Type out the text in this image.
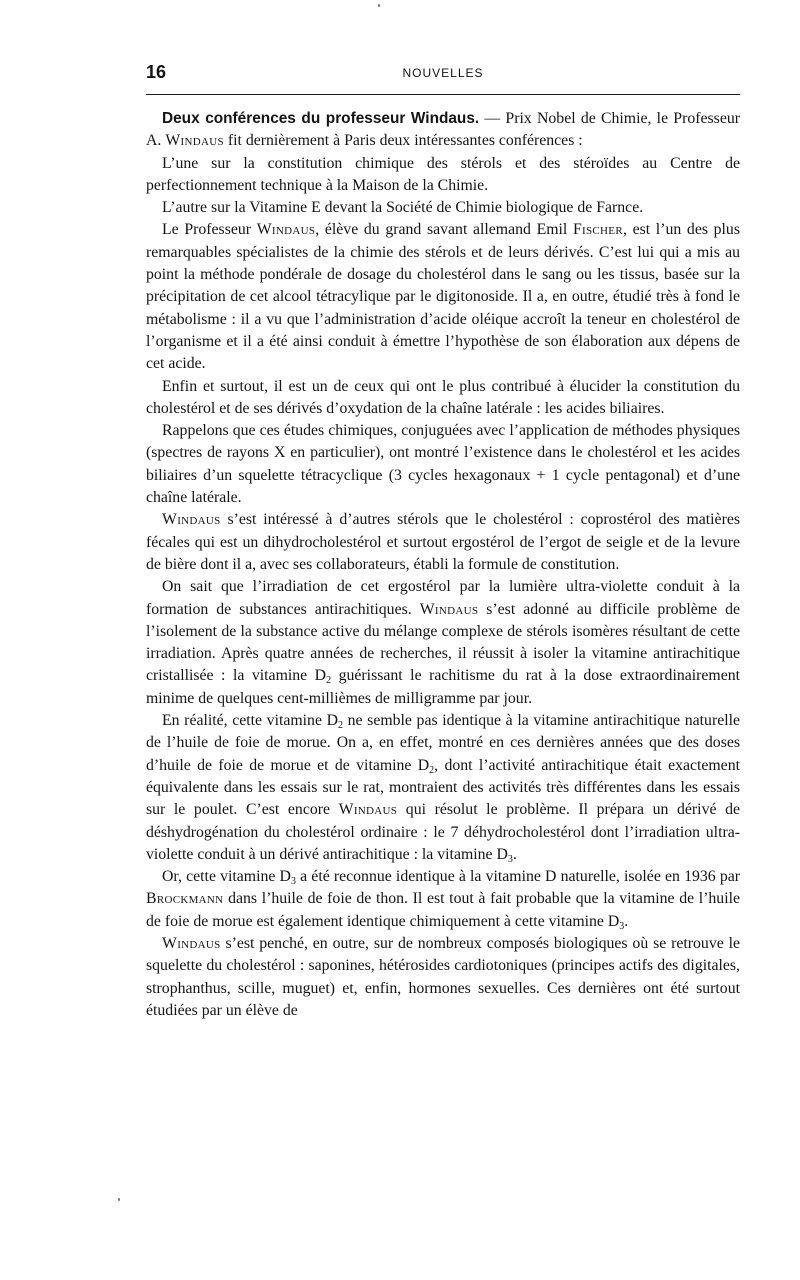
16	NOUVELLES

Deux conférences du professeur Windaus. — Prix Nobel de Chimie, le Professeur A. Windaus fit dernièrement à Paris deux intéressantes conférences :

L’une sur la constitution chimique des stérols et des stéroïdes au Centre de perfectionnement technique à la Maison de la Chimie.

L’autre sur la Vitamine E devant la Société de Chimie biologique de Farnce.

Le Professeur Windaus, élève du grand savant allemand Emil Fischer, est l’un des plus remarquables spécialistes de la chimie des stérols et de leurs dérivés. C’est lui qui a mis au point la méthode pondérale de dosage du cholestérol dans le sang ou les tissus, basée sur la précipitation de cet alcool tétracylique par le digitonoside. Il a, en outre, étudié très à fond le métabolisme : il a vu que l’administration d’acide oléique accroît la teneur en cholestérol de l’organisme et il a été ainsi conduit à émettre l’hypothèse de son élaboration aux dépens de cet acide.

Enfin et surtout, il est un de ceux qui ont le plus contribué à élucider la constitution du cholestérol et de ses dérivés d’oxydation de la chaîne latérale : les acides biliaires.

Rappelons que ces études chimiques, conjuguées avec l’application de méthodes physiques (spectres de rayons X en particulier), ont montré l’existence dans le cholestérol et les acides biliaires d’un squelette tétracyclique (3 cycles hexagonaux + 1 cycle pentagonal) et d’une chaîne latérale.

Windaus s’est intéressé à d’autres stérols que le cholestérol : coprostérol des matières fécales qui est un dihydrocholestérol et surtout ergostérol de l’ergot de seigle et de la levure de bière dont il a, avec ses collaborateurs, établi la formule de constitution.

On sait que l’irradiation de cet ergostérol par la lumière ultra-violette conduit à la formation de substances antirachitiques. Windaus s’est adonné au difficile problème de l’isolement de la substance active du mélange complexe de stérols isomères résultant de cette irradiation. Après quatre années de recherches, il réussit à isoler la vitamine antirachitique cristallisée : la vitamine $D_2$ guérissant le rachitisme du rat à la dose extraordinairement minime de quelques cent-millièmes de milligramme par jour.

En réalité, cette vitamine $D_2$ ne semble pas identique à la vitamine antirachitique naturelle de l’huile de foie de morue. On a, en effet, montré en ces dernières années que des doses d’huile de foie de morue et de vitamine $D_2$, dont l’activité antirachitique était exactement équivalente dans les essais sur le rat, montraient des activités très différentes dans les essais sur le poulet. C’est encore Windaus qui résolut le problème. Il prépara un dérivé de déshydrogénation du cholestérol ordinaire : le 7 déhydrocholestérol dont l’irradiation ultra-violette conduit à un dérivé antirachitique : la vitamine $D_3$.

Or, cette vitamine $D_3$ a été reconnue identique à la vitamine D naturelle, isolée en 1936 par Brockmann dans l’huile de foie de thon. Il est tout à fait probable que la vitamine de l’huile de foie de morue est également identique chimiquement à cette vitamine $D_3$.

Windaus s’est penché, en outre, sur de nombreux composés biologiques où se retrouve le squelette du cholestérol : saponines, hétérosides cardiotoniques (principes actifs des digitales, strophanthus, scille, muguet) et, enfin, hormones sexuelles. Ces dernières ont été surtout étudiées par un élève de
